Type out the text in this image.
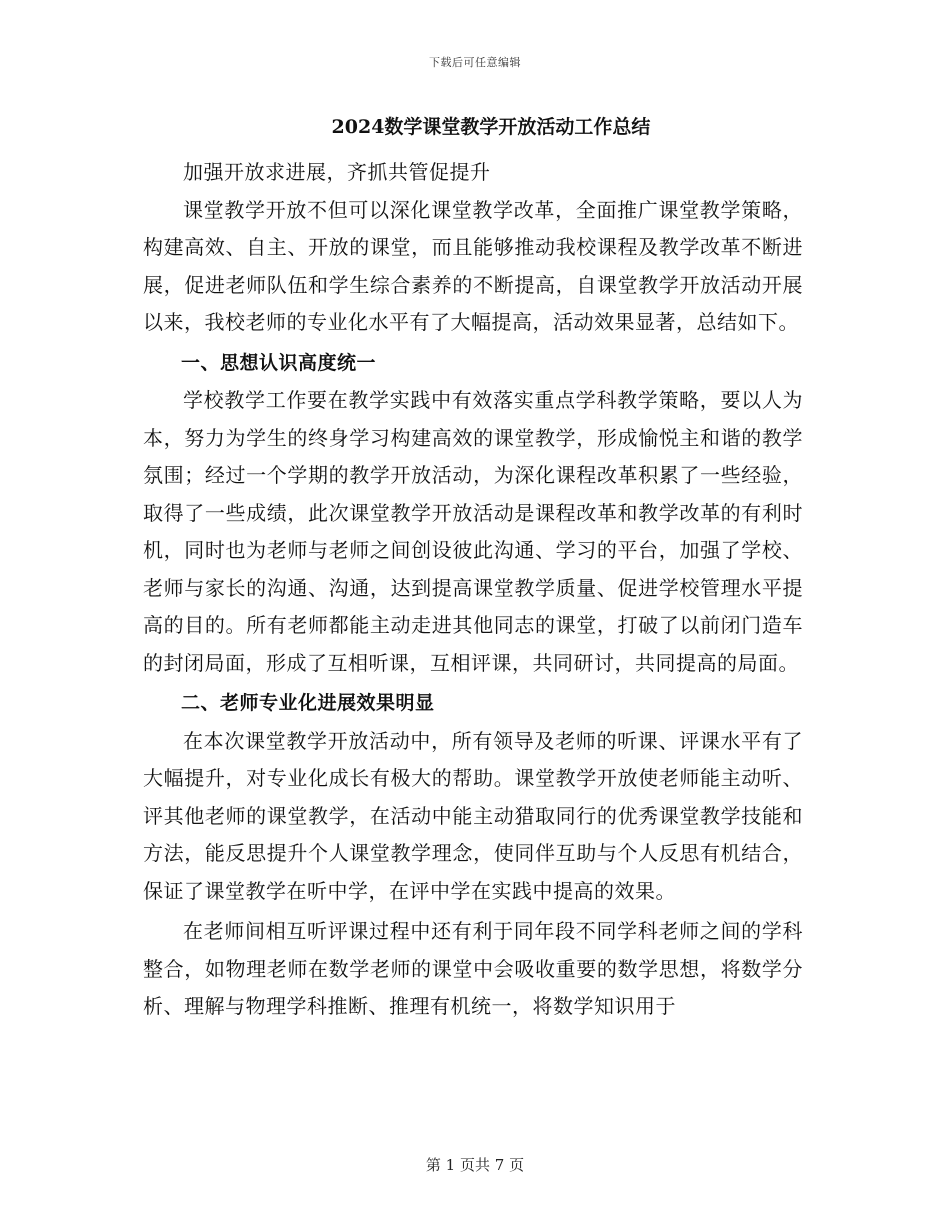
下载后可任意编辑
2024数学课堂教学开放活动工作总结

加强开放求进展，齐抓共管促提升

课堂教学开放不但可以深化课堂教学改革，全面推广课堂教学策略，构建高效、自主、开放的课堂，而且能够推动我校课程及教学改革不断进展，促进老师队伍和学生综合素养的不断提高，自课堂教学开放活动开展以来，我校老师的专业化水平有了大幅提高，活动效果显著，总结如下。

一、思想认识高度统一

学校教学工作要在教学实践中有效落实重点学科教学策略，要以人为本，努力为学生的终身学习构建高效的课堂教学，形成愉悦主和谐的教学氛围；经过一个学期的教学开放活动，为深化课程改革积累了一些经验，取得了一些成绩，此次课堂教学开放活动是课程改革和教学改革的有利时机，同时也为老师与老师之间创设彼此沟通、学习的平台，加强了学校、老师与家长的沟通、沟通，达到提高课堂教学质量、促进学校管理水平提高的目的。所有老师都能主动走进其他同志的课堂，打破了以前闭门造车的封闭局面，形成了互相听课，互相评课，共同研讨，共同提高的局面。

二、老师专业化进展效果明显

在本次课堂教学开放活动中，所有领导及老师的听课、评课水平有了大幅提升，对专业化成长有极大的帮助。课堂教学开放使老师能主动听、评其他老师的课堂教学，在活动中能主动猎取同行的优秀课堂教学技能和方法，能反思提升个人课堂教学理念，使同伴互助与个人反思有机结合，保证了课堂教学在听中学，在评中学在实践中提高的效果。

在老师间相互听评课过程中还有利于同年段不同学科老师之间的学科整合，如物理老师在数学老师的课堂中会吸收重要的数学思想，将数学分析、理解与物理学科推断、推理有机统一，将数学知识用于

第 1 页共 7 页
